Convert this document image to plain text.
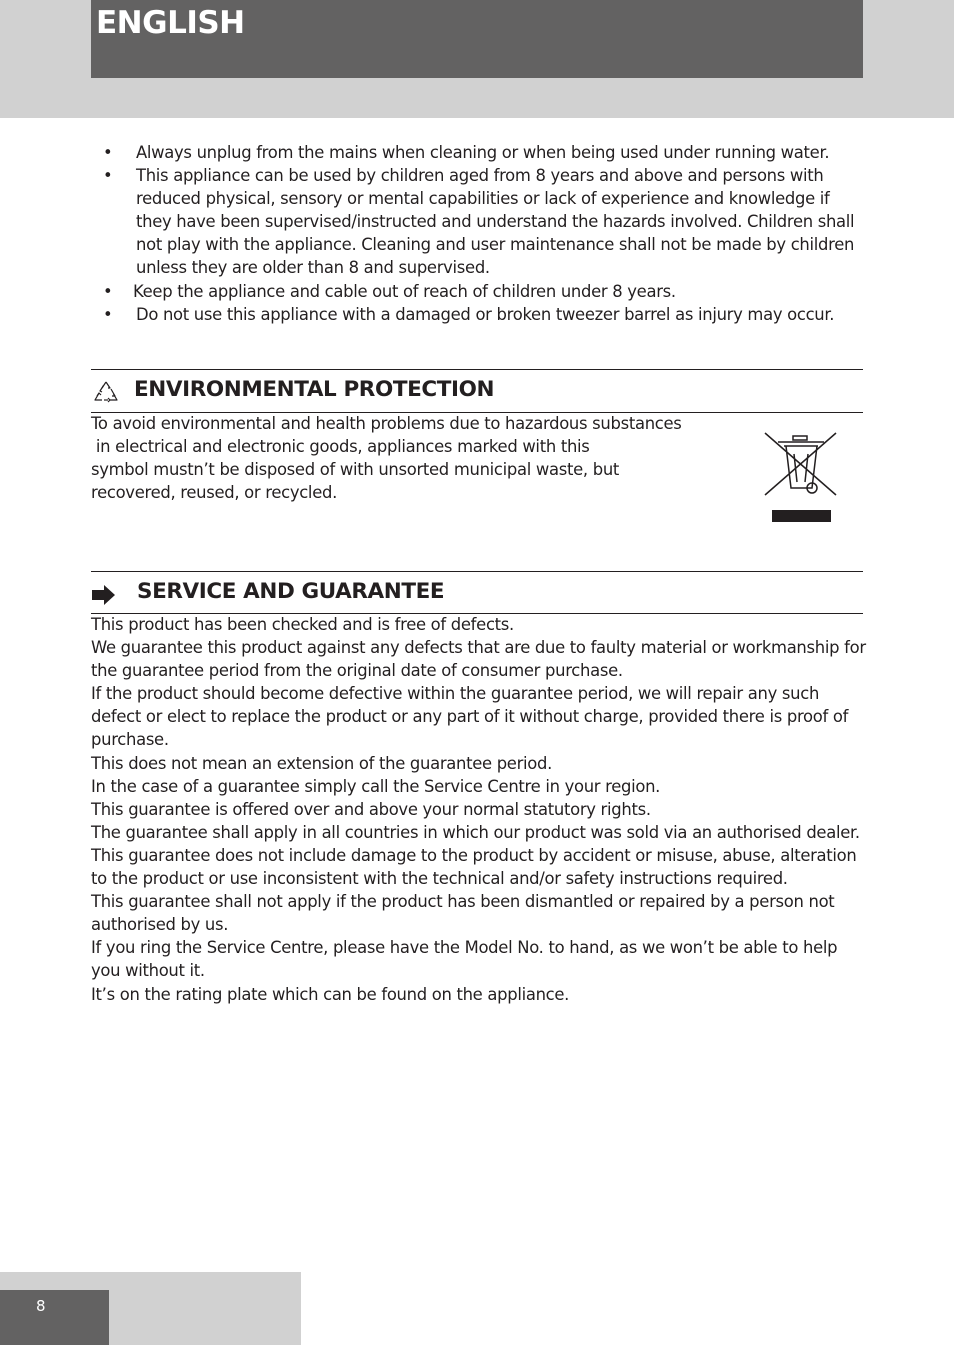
ENGLISH
• Always unplug from the mains when cleaning or when being used under running water.
• This appliance can be used by children aged from 8 years and above and persons with reduced physical, sensory or mental capabilities or lack of experience and knowledge if they have been supervised/instructed and understand the hazards involved. Children shall not play with the appliance. Cleaning and user maintenance shall not be made by children unless they are older than 8 and supervised.
• Keep the appliance and cable out of reach of children under 8 years.
• Do not use this appliance with a damaged or broken tweezer barrel as injury may occur.
ENVIRONMENTAL PROTECTION

To avoid environmental and health problems due to hazardous substances

in electrical and electronic goods, appliances marked with this

symbol mustn’t be disposed of with unsorted municipal waste, but

recovered, reused, or recycled.

SERVICE AND GUARANTEE

This product has been checked and is free of defects.

We guarantee this product against any defects that are due to faulty material or workmanship for the guarantee period from the original date of consumer purchase.

If the product should become defective within the guarantee period, we will repair any such defect or elect to replace the product or any part of it without charge, provided there is proof of purchase.

This does not mean an extension of the guarantee period.

In the case of a guarantee simply call the Service Centre in your region.

This guarantee is offered over and above your normal statutory rights.

The guarantee shall apply in all countries in which our product was sold via an authorised dealer.

This guarantee does not include damage to the product by accident or misuse, abuse, alteration to the product or use inconsistent with the technical and/or safety instructions required.

This guarantee shall not apply if the product has been dismantled or repaired by a person not authorised by us.

If you ring the Service Centre, please have the Model No. to hand, as we won’t be able to help you without it.

It’s on the rating plate which can be found on the appliance.

8
